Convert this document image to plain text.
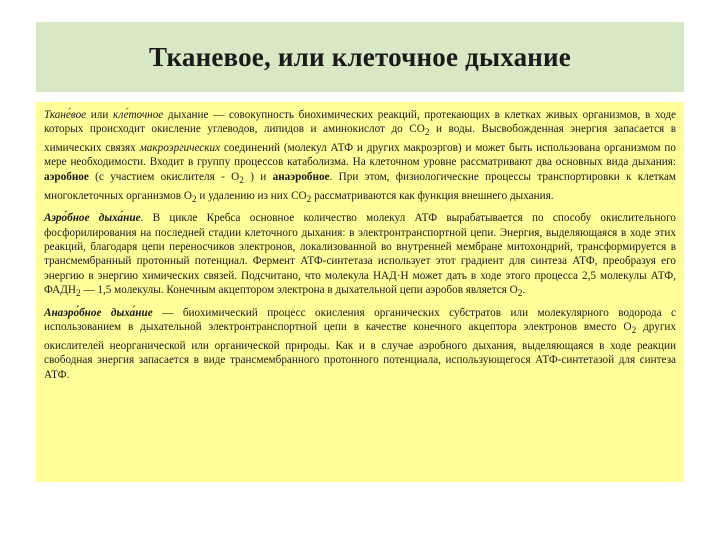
Тканевое, или клеточное дыхание

Ткане́вое или кле́точное дыхание — совокупность биохимических реакций, протекающих в клетках живых организмов, в ходе которых происходит окисление углеводов, липидов и аминокислот до $CO_2$ и воды. Высвобожденная энергия запасается в химических связях макроэргических соединений (молекул АТФ и других макроэргов) и может быть использована организмом по мере необходимости. Входит в группу процессов катаболизма. На клеточном уровне рассматривают два основных вида дыхания: аэробное (с участием окислителя - $O_2$ ) и анаэробное. При этом, физиологические процессы транспортировки к клеткам многоклеточных организмов $O_2$ и удалению из них $CO_2$ рассматриваются как функция внешнего дыхания.

Аэро́бное дыха́ние. В цикле Кребса основное количество молекул АТФ вырабатывается по способу окислительного фосфорилирования на последней стадии клеточного дыхания: в электронтранспортной цепи. Энергия, выделяющаяся в ходе этих реакций, благодаря цепи переносчиков электронов, локализованной во внутренней мембране митохондрий, трансформируется в трансмембранный протонный потенциал. Фермент АТФ-синтетаза использует этот градиент для синтеза АТФ, преобразуя его энергию в энергию химических связей. Подсчитано, что молекула НАД·Н может дать в ходе этого процесса 2,5 молекулы АТФ, $ФАДН_2$ — 1,5 молекулы. Конечным акцептором электрона в дыхательной цепи аэробов является $O_2$.

Анаэро́бное дыха́ние — биохимический процесс окисления органических субстратов или молекулярного водорода с использованием в дыхательной электронтранспортной цепи в качестве конечного акцептора электронов вместо $O_2$ других окислителей неорганической или органической природы. Как и в случае аэробного дыхания, выделяющаяся в ходе реакции свободная энергия запасается в виде трансмембранного протонного потенциала, использующегося АТФ-синтетазой для синтеза АТФ.
